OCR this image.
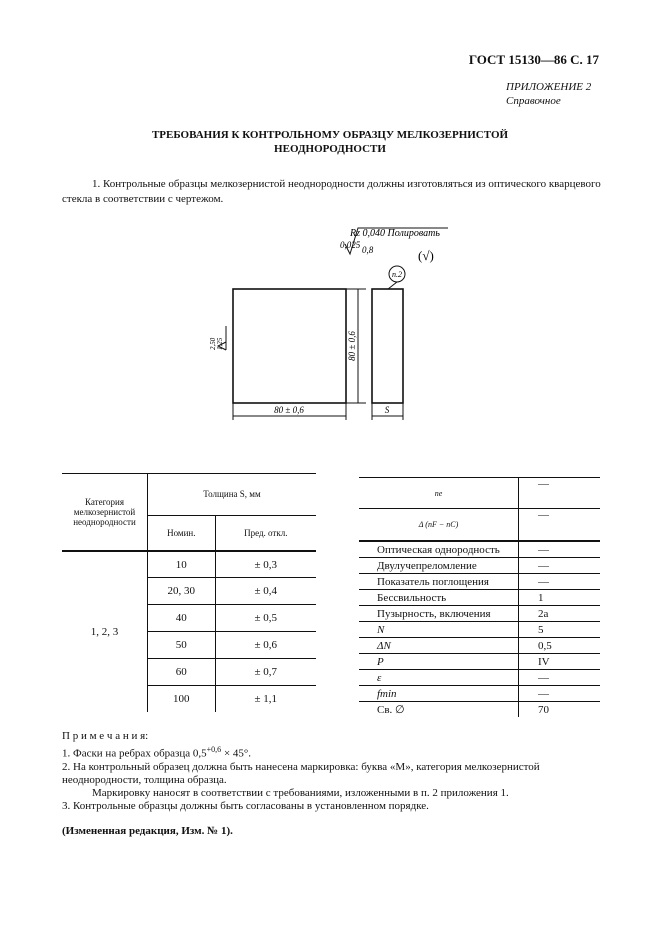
ГОСТ 15130—86 С. 17
ПРИЛОЖЕНИЕ 2
Справочное
ТРЕБОВАНИЯ К КОНТРОЛЬНОМУ ОБРАЗЦУ МЕЛКОЗЕРНИСТОЙ
НЕОДНОРОДНОСТИ
1. Контрольные образцы мелкозернистой неоднородности должны изготовляться из оптического кварцевого стекла в соответствии с чертежом.
Rz 0,040 Полировать
0,025 0,8	(√)
п.2
2,50 1,25
80 ± 0,6
80 ± 0,6
S
Категория мелкозернистой неоднородности	Толщина S, мм	
	Номин.	Пред. откл.
1, 2, 3	10	± 0,3
	20, 30	± 0,4
	40	± 0,5
	50	± 0,6
	60	± 0,7
	100	± 1,1
nе	—
Δ (nF − nC)	—
Оптическая однородность	—
Двулучепреломление	—
Показатель поглощения	—
Бессвильность	1
Пузырность, включения	2а
N	5
ΔN	0,5
P	IV
ε	—
fmin	—
Св. ∅	70

П р и м е ч а н и я:

1. Фаски на ребрах образца $0,5^{+0,6} \times 45^\circ$.

2. На контрольный образец должна быть нанесена маркировка: буква «М», категория мелкозернистой неоднородности, толщина образца.

Маркировку наносят в соответствии с требованиями, изложенными в п. 2 приложения 1.

3. Контрольные образцы должны быть согласованы в установленном порядке.

(Измененная редакция, Изм. № 1).
